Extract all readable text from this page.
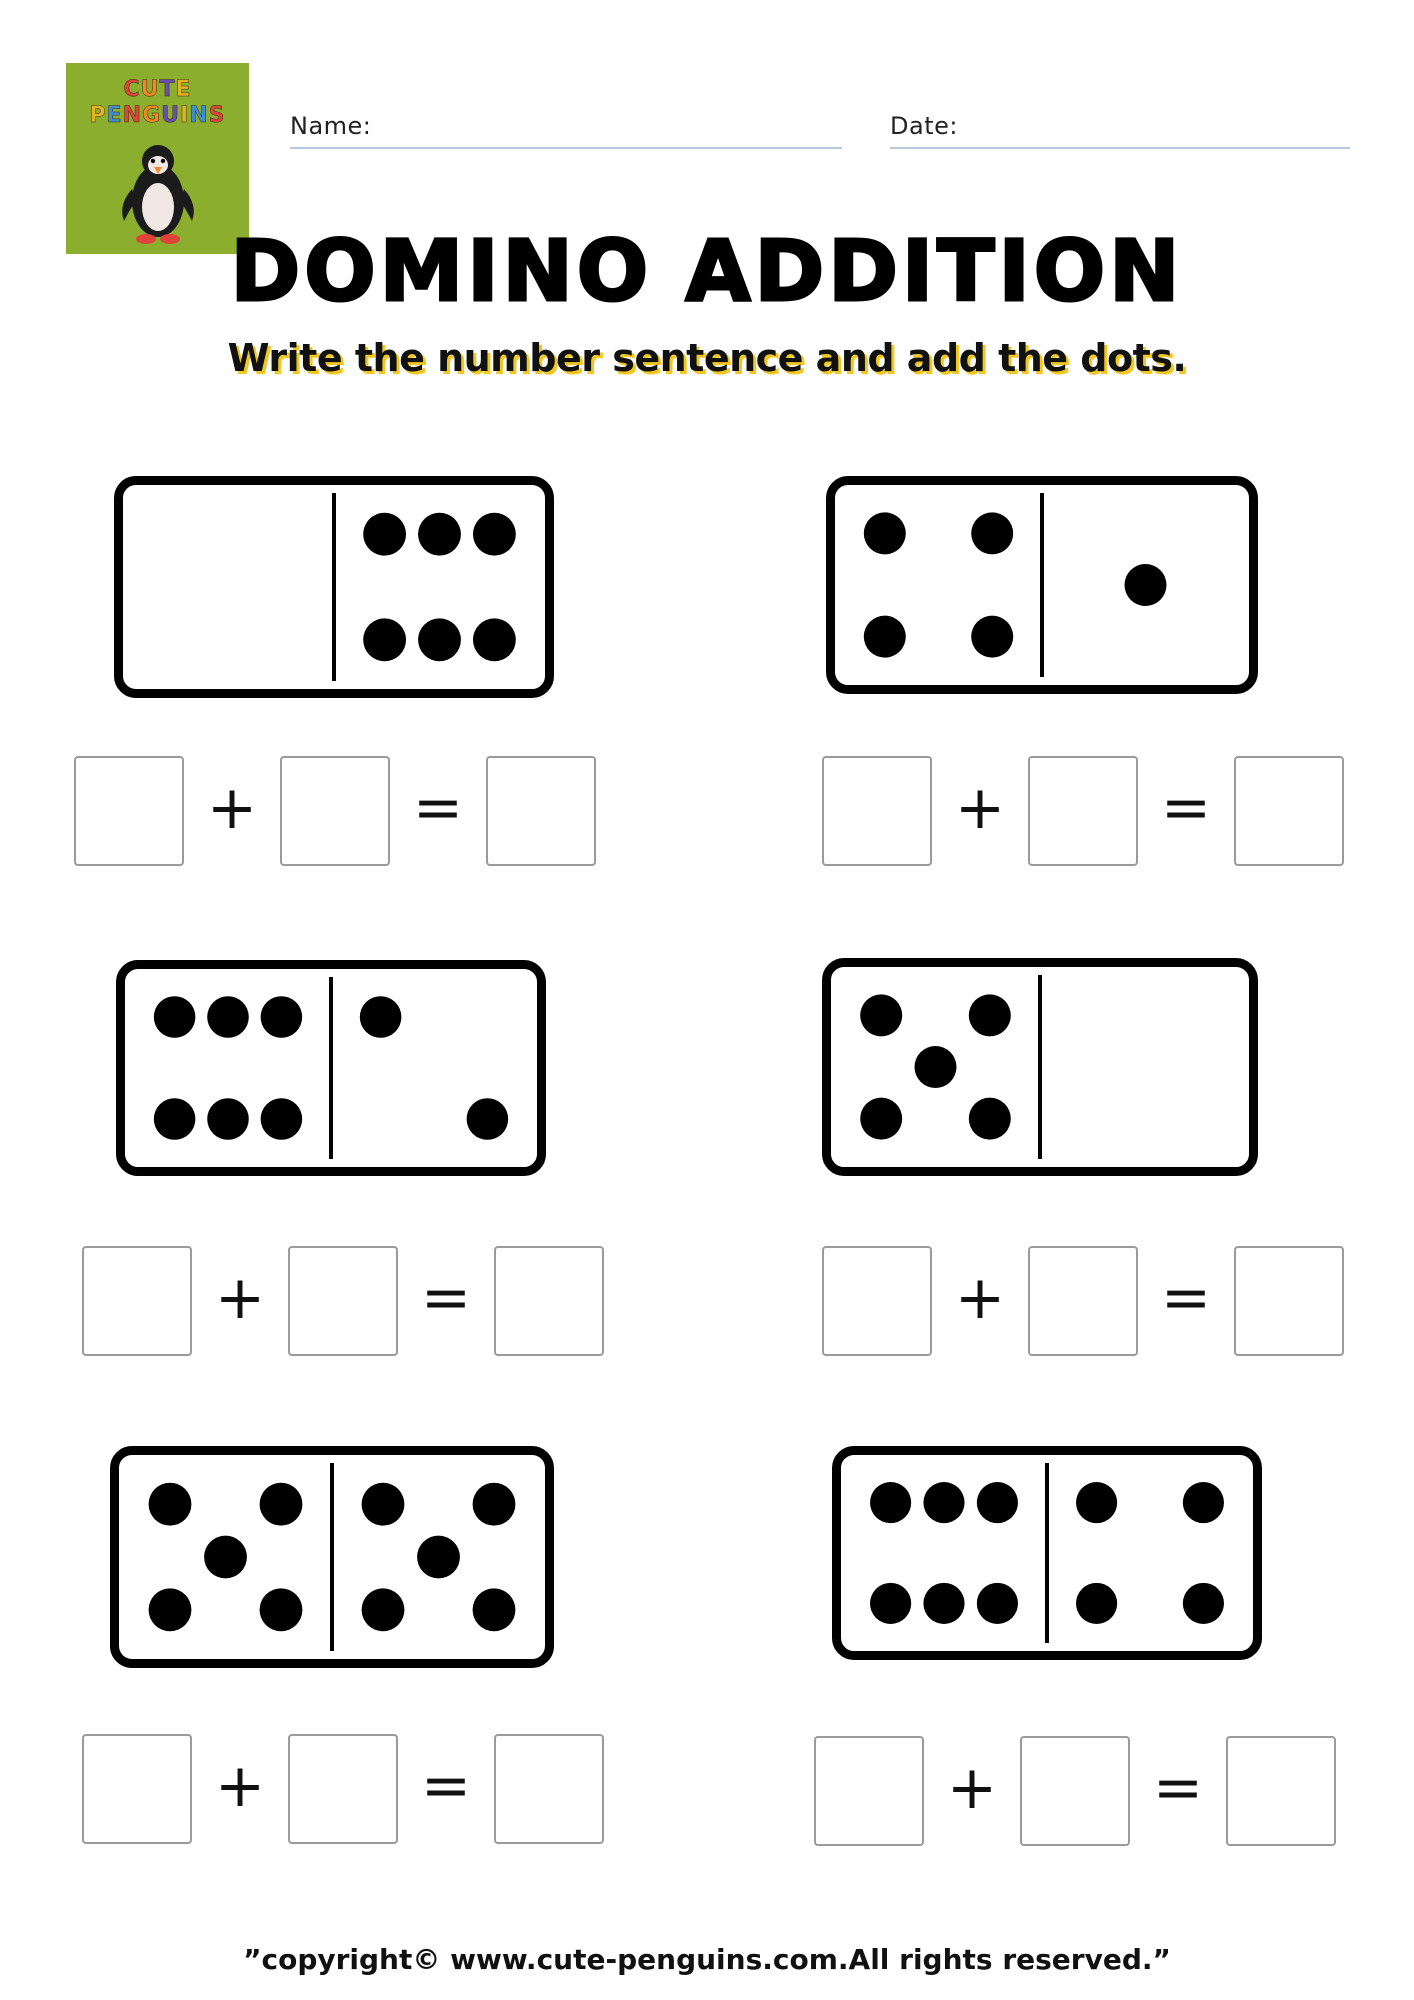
CUTE
PENGUINS	Name:	Date:
DOMINO ADDITION
Write the number sentence and add the dots.
+	=	+	=
+	=	+	=
+	=	+	=
”copyright© www.cute-penguins.com.All rights reserved.”
